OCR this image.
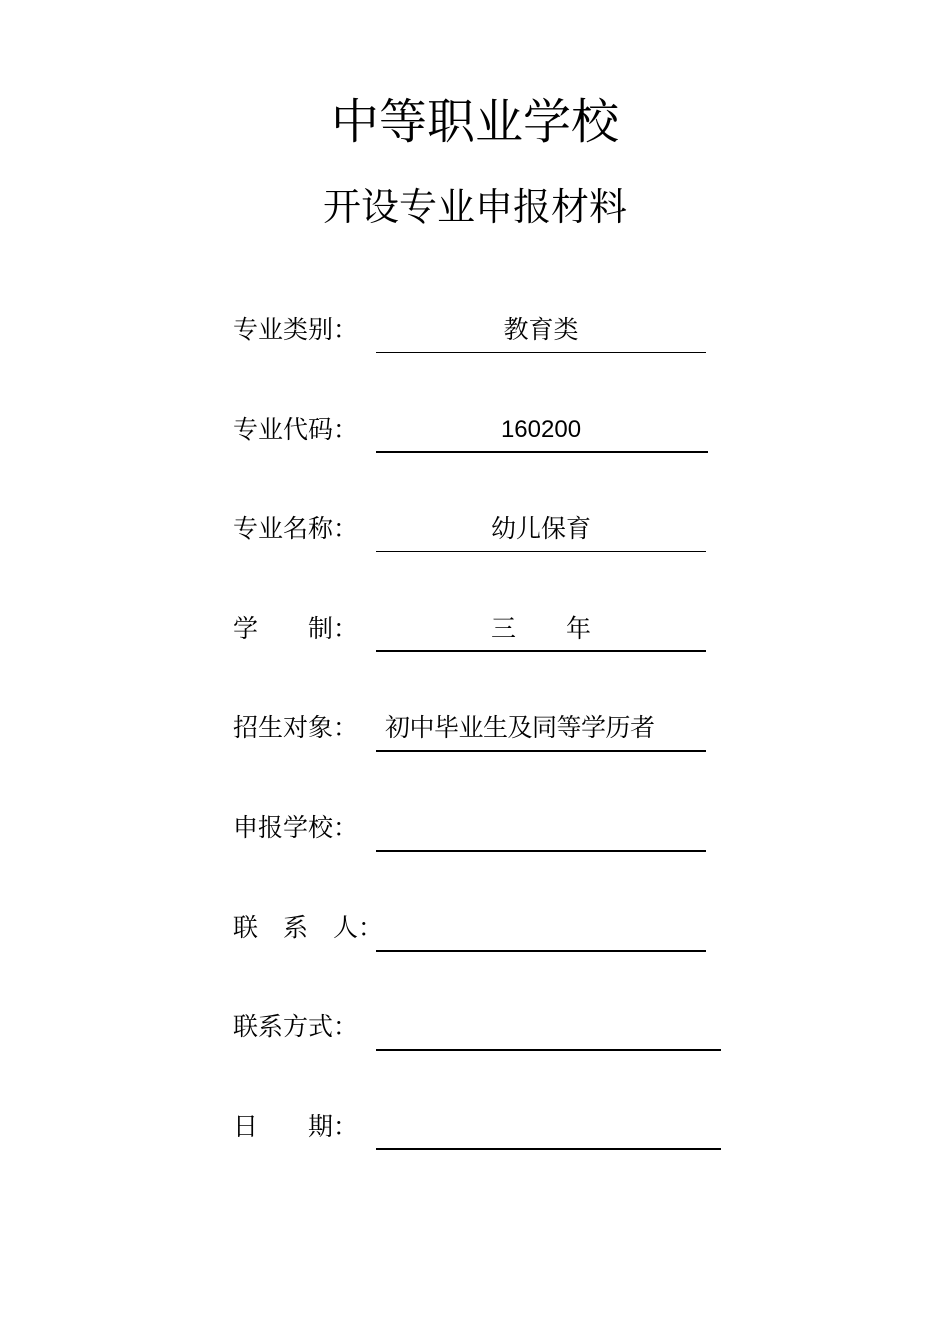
中等职业学校
开设专业申报材料
专业类别：	教育类
专业代码：	160200
专业名称：	幼儿保育
学　　制：	三　　年
招生对象： 初中毕业生及同等学历者
申报学校：
联　系　人：
联系方式：
日　　期：
